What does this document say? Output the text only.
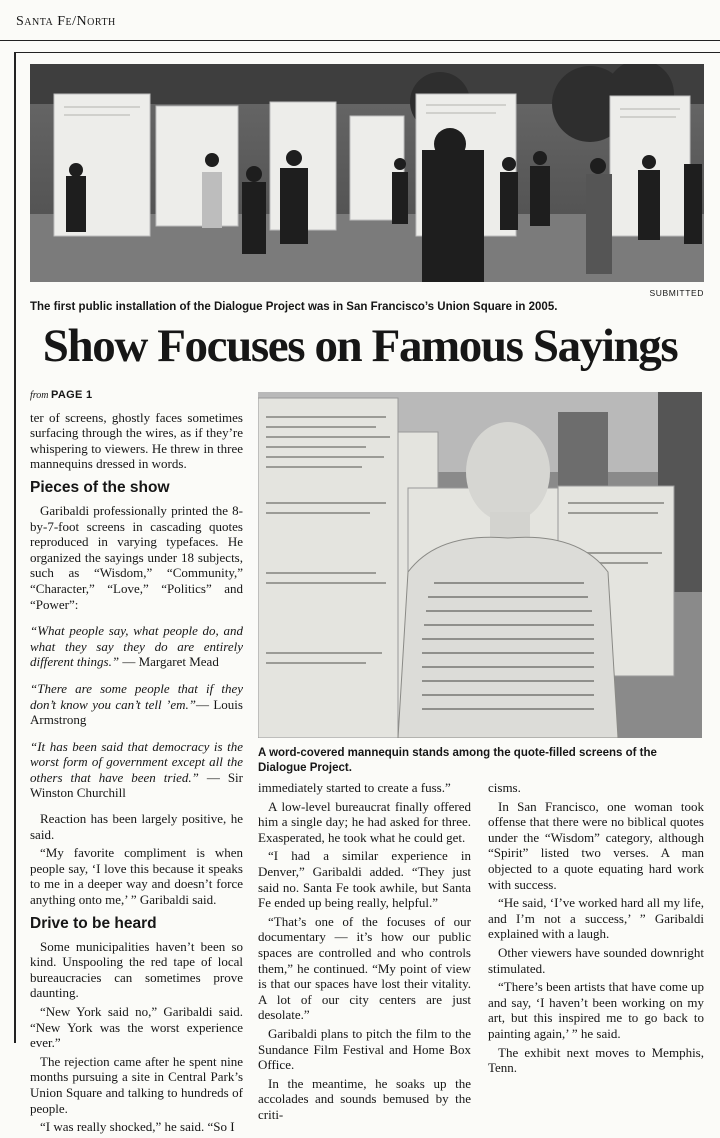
Santa Fe/North
SUBMITTED
The first public installation of the Dialogue Project was in San Francisco’s Union Square in 2005.
Show Focuses on Famous Sayings
from PAGE 1

ter of screens, ghostly faces sometimes surfacing through the wires, as if they’re whispering to viewers. He threw in three mannequins dressed in words.

Pieces of the show

Garibaldi professionally printed the 8-by-7-foot screens in cascading quotes reproduced in varying typefaces. He organized the sayings under 18 subjects, such as “Wisdom,” “Community,” “Character,” “Love,” “Politics” and “Power”:

“What people say, what people do, and what they say they do are entirely different things.” — Margaret Mead

“There are some people that if they don’t know you can’t tell ’em.”— Louis Armstrong

“It has been said that democracy is the worst form of government except all the others that have been tried.” — Sir Winston Churchill

Reaction has been largely positive, he said.

“My favorite compliment is when people say, ‘I love this because it speaks to me in a deeper way and doesn’t force anything onto me,’ ” Garibaldi said.

Drive to be heard

Some municipalities haven’t been so kind. Unspooling the red tape of local bureaucracies can sometimes prove daunting.

“New York said no,” Garibaldi said. “New York was the worst experience ever.”

The rejection came after he spent nine months pursuing a site in Central Park’s Union Square and talking to hundreds of people.

“I was really shocked,” he said. “So I

A word-covered mannequin stands among the quote-filled screens of the Dialogue Project.

immediately started to create a fuss.”

A low-level bureaucrat finally offered him a single day; he had asked for three. Exasperated, he took what he could get.

“I had a similar experience in Denver,” Garibaldi added. “They just said no. Santa Fe took awhile, but Santa Fe ended up being really, helpful.”

“That’s one of the focuses of our documentary — it’s how our public spaces are controlled and who controls them,” he continued. “My point of view is that our spaces have lost their vitality. A lot of our city centers are just desolate.”

Garibaldi plans to pitch the film to the Sundance Film Festival and Home Box Office.

In the meantime, he soaks up the accolades and sounds bemused by the criti-

cisms.

In San Francisco, one woman took offense that there were no biblical quotes under the “Wisdom” category, although “Spirit” listed two verses. A man objected to a quote equating hard work with success.

“He said, ‘I’ve worked hard all my life, and I’m not a success,’ ” Garibaldi explained with a laugh.

Other viewers have sounded downright stimulated.

“There’s been artists that have come up and say, ‘I haven’t been working on my art, but this inspired me to go back to painting again,’ ” he said.

The exhibit next moves to Memphis, Tenn.
